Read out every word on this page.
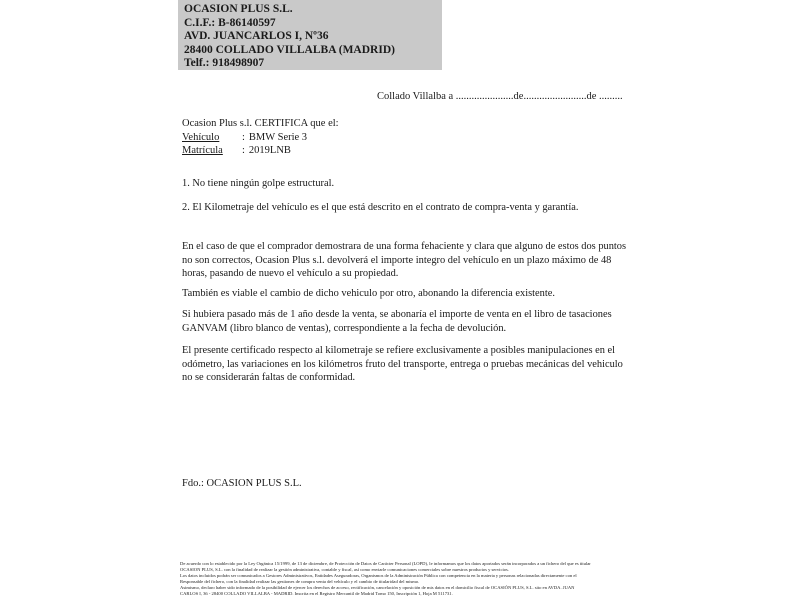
OCASION PLUS S.L.
C.I.F.: B-86140597
AVD. JUANCARLOS I, Nº36
28400 COLLADO VILLALBA (MADRID)
Telf.: 918498907
Collado Villalba a ......................de........................de .........
Ocasion Plus s.l. CERTIFICA que el:
Vehículo : BMW Serie 3
Matrícula : 2019LNB
1. No tiene ningún golpe estructural.
2. El Kilometraje del vehículo es el que está descrito en el contrato de compra-venta y garantía.
En el caso de que el comprador demostrara de una forma fehaciente y clara que alguno de estos dos puntos no son correctos, Ocasion Plus s.l. devolverá el importe integro del vehículo en un plazo máximo de 48 horas, pasando de nuevo el vehículo a su propiedad.
También es viable el cambio de dicho vehiculo por otro, abonando la diferencia existente.
Si hubiera pasado más de 1 año desde la venta, se abonaría el importe de venta en el libro de tasaciones GANVAM (libro blanco de ventas), correspondiente a la fecha de devolución.
El presente certificado respecto al kilometraje se refiere exclusivamente a posibles manipulaciones en el odómetro, las variaciones en los kilómetros fruto del transporte, entrega o pruebas mecánicas del vehiculo no se considerarán faltas de conformidad.
Fdo.: OCASION PLUS S.L.
De acuerdo con lo establecido por la Ley Orgánica 15/1999, de 13 de diciembre, de Protección de Datos de Carácter Personal (LOPD), le informamos que los datos aportados serán incorporados a un fichero del que es titular
OCASION PLUS, S.L. con la finalidad de realizar la gestión administrativa, contable y fiscal, así como enviarle comunicaciones comerciales sobre nuestros productos y servicios.
Los datos incluidos podrán ser comunicados a Gestores Administrativos, Entidades Aseguradoras, Organismos de la Administración Pública con competencia en la materia y personas relacionadas directamente con el
Responsable del fichero, con la finalidad realizar las gestiones de compra venta del vehículo y el cambio de titularidad del mismo.
Asimismo, declaro haber sido informado de la posibilidad de ejercer los derechos de acceso, rectificación, cancelación y oposición de mis datos en el domicilio fiscal de OCASIÓN PLUS, S.L. sito en AVDA. JUAN
CARLOS I, 36 - 28400 COLLADO VILLALBA - MADRID. Inscrita en el Registro Mercantil de Madrid Tomo 150, Inscripción 1, Hoja M 511731.
